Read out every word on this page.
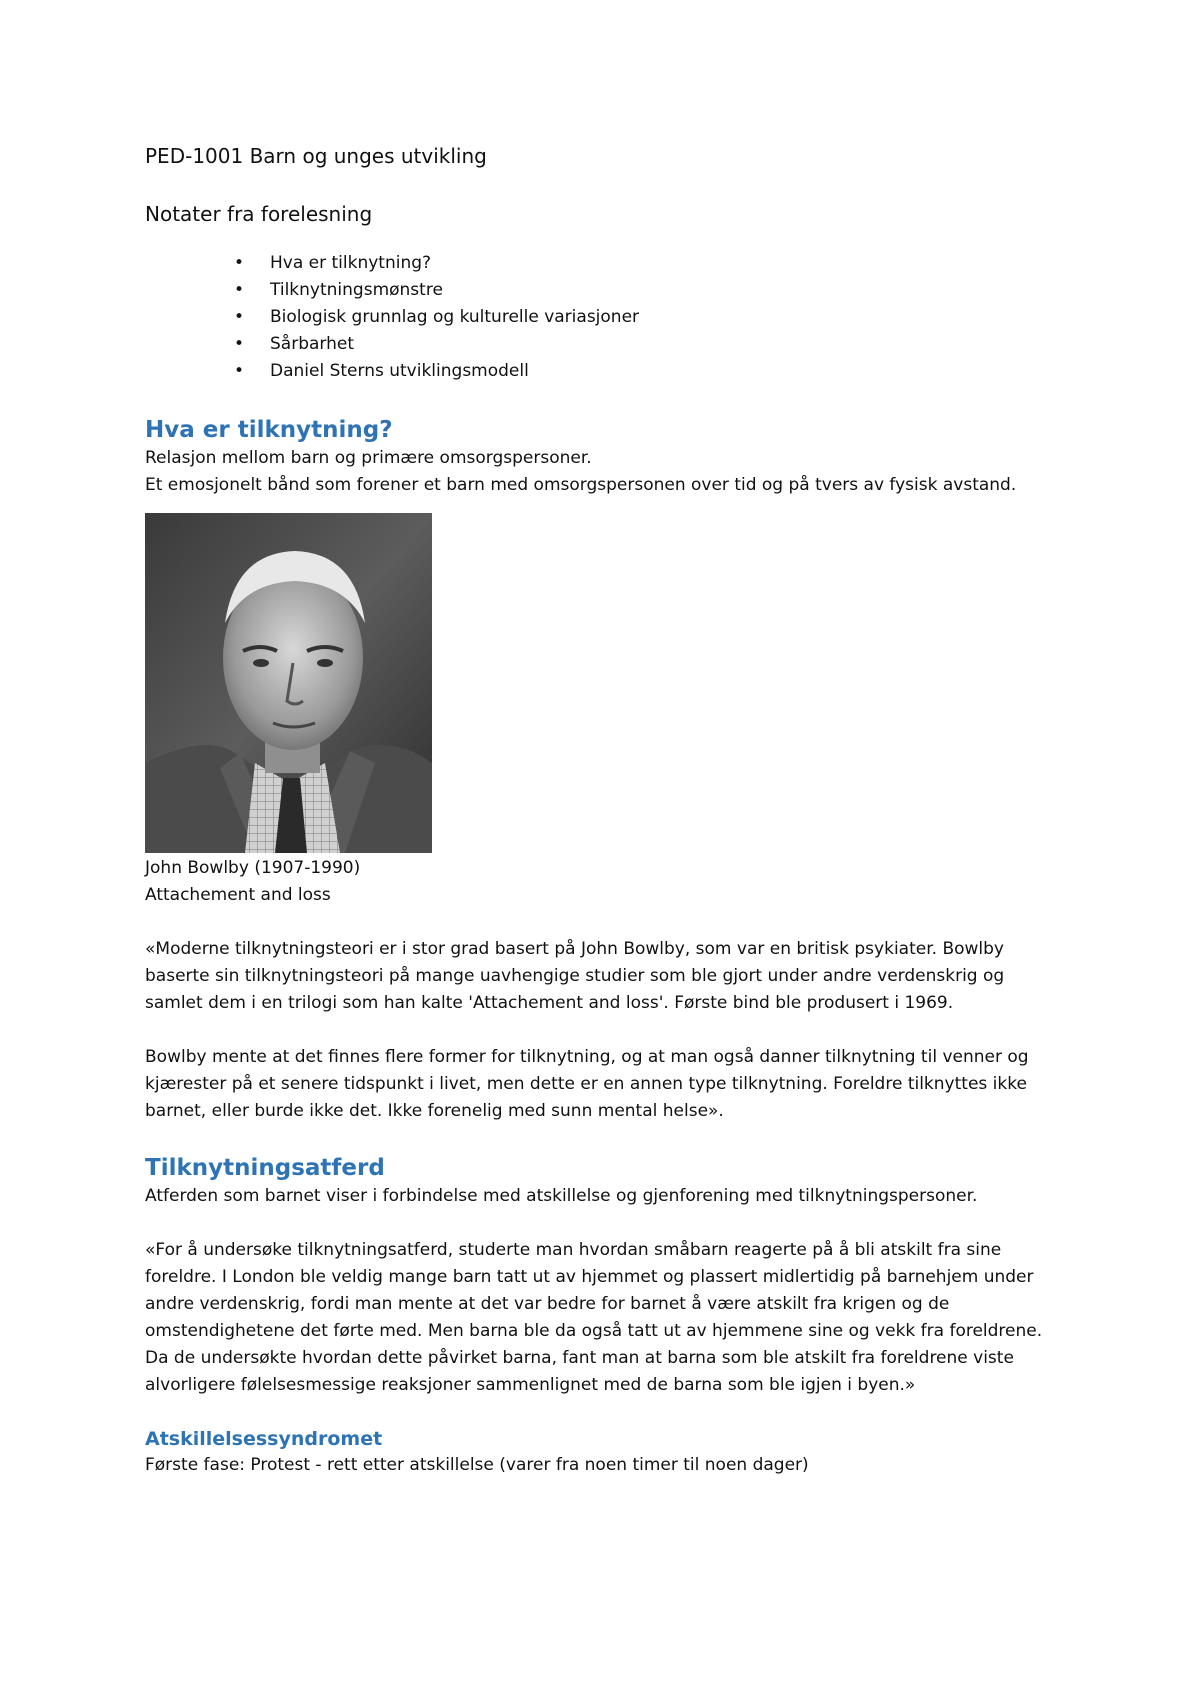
PED-1001 Barn og unges utvikling

Notater fra forelesning

• Hva er tilknytning?
• Tilknytningsmønstre
• Biologisk grunnlag og kulturelle variasjoner
• Sårbarhet
• Daniel Sterns utviklingsmodell
Hva er tilknytning?

Relasjon mellom barn og primære omsorgspersoner.

Et emosjonelt bånd som forener et barn med omsorgspersonen over tid og på tvers av fysisk avstand.

John Bowlby (1907-1990)

Attachement and loss

«Moderne tilknytningsteori er i stor grad basert på John Bowlby, som var en britisk psykiater. Bowlby baserte sin tilknytningsteori på mange uavhengige studier som ble gjort under andre verdenskrig og samlet dem i en trilogi som han kalte 'Attachement and loss'. Første bind ble produsert i 1969.

Bowlby mente at det finnes flere former for tilknytning, og at man også danner tilknytning til venner og kjærester på et senere tidspunkt i livet, men dette er en annen type tilknytning. Foreldre tilknyttes ikke barnet, eller burde ikke det. Ikke forenelig med sunn mental helse».

Tilknytningsatferd

Atferden som barnet viser i forbindelse med atskillelse og gjenforening med tilknytningspersoner.

«For å undersøke tilknytningsatferd, studerte man hvordan småbarn reagerte på å bli atskilt fra sine foreldre. I London ble veldig mange barn tatt ut av hjemmet og plassert midlertidig på barnehjem under andre verdenskrig, fordi man mente at det var bedre for barnet å være atskilt fra krigen og de omstendighetene det førte med. Men barna ble da også tatt ut av hjemmene sine og vekk fra foreldrene. Da de undersøkte hvordan dette påvirket barna, fant man at barna som ble atskilt fra foreldrene viste alvorligere følelsesmessige reaksjoner sammenlignet med de barna som ble igjen i byen.»

Atskillelsessyndromet

Første fase: Protest - rett etter atskillelse (varer fra noen timer til noen dager)
